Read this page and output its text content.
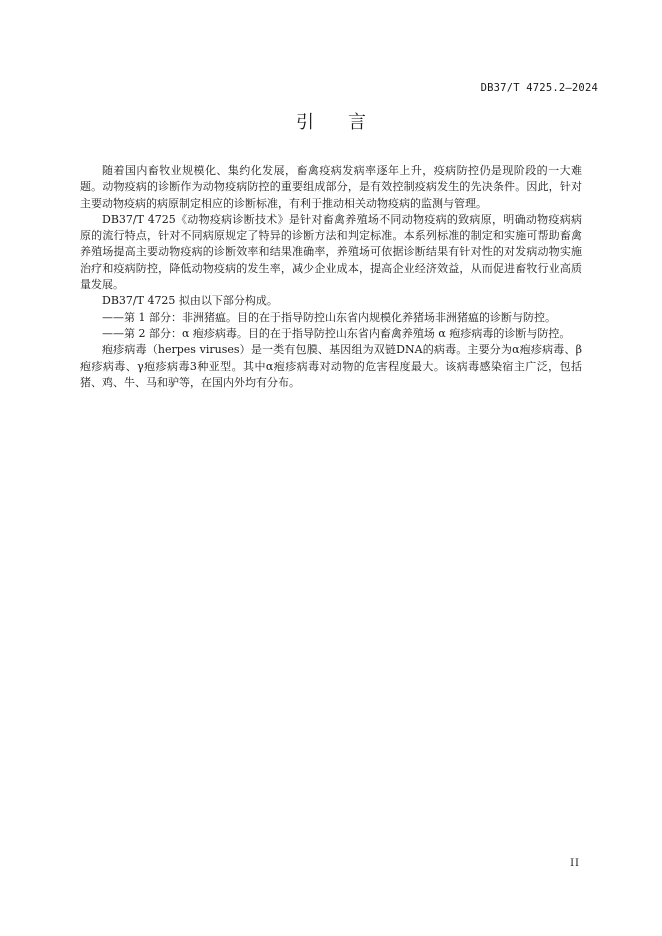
DB37/T 4725.2—2024
引言

随着国内畜牧业规模化、集约化发展，畜禽疫病发病率逐年上升，疫病防控仍是现阶段的一大难题。动物疫病的诊断作为动物疫病防控的重要组成部分，是有效控制疫病发生的先决条件。因此，针对主要动物疫病的病原制定相应的诊断标准，有利于推动相关动物疫病的监测与管理。

DB37/T 4725《动物疫病诊断技术》是针对畜禽养殖场不同动物疫病的致病原，明确动物疫病病原的流行特点，针对不同病原规定了特异的诊断方法和判定标准。本系列标准的制定和实施可帮助畜禽养殖场提高主要动物疫病的诊断效率和结果准确率，养殖场可依据诊断结果有针对性的对发病动物实施治疗和疫病防控，降低动物疫病的发生率，减少企业成本，提高企业经济效益，从而促进畜牧行业高质量发展。

DB37/T 4725 拟由以下部分构成。

——第 1 部分：非洲猪瘟。目的在于指导防控山东省内规模化养猪场非洲猪瘟的诊断与防控。

——第 2 部分：α 疱疹病毒。目的在于指导防控山东省内畜禽养殖场 α 疱疹病毒的诊断与防控。

疱疹病毒（herpes viruses）是一类有包膜、基因组为双链DNA的病毒。主要分为α疱疹病毒、β疱疹病毒、γ疱疹病毒3种亚型。其中α疱疹病毒对动物的危害程度最大。该病毒感染宿主广泛，包括猪、鸡、牛、马和驴等，在国内外均有分布。

II
